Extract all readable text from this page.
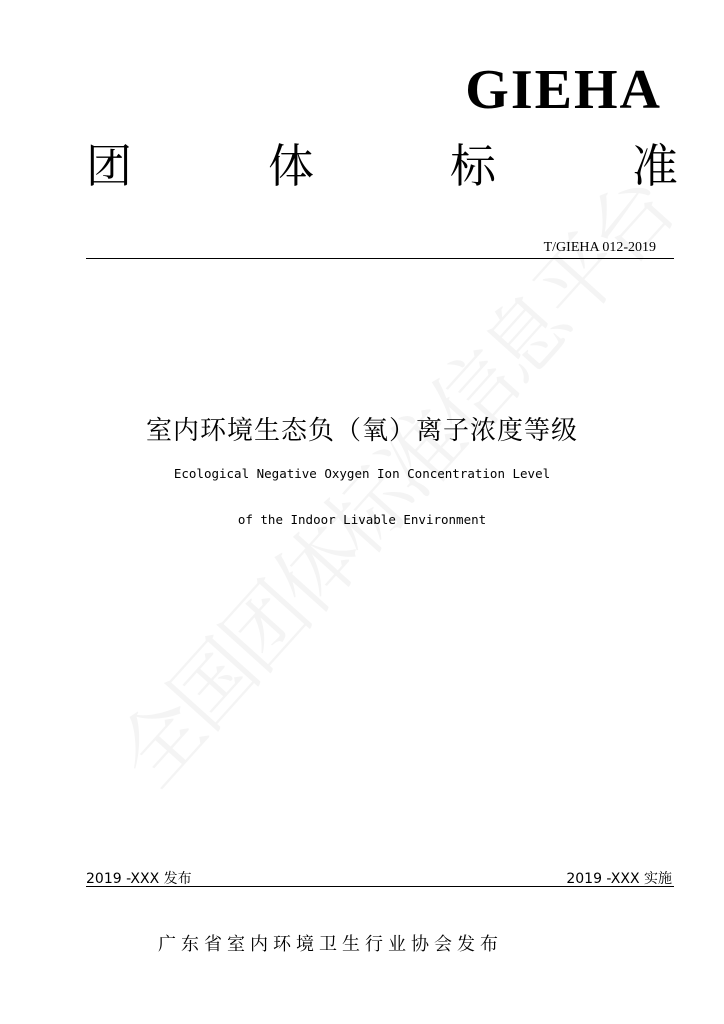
GIEHA
团	体	标	准
T/GIEHA 012-2019
室内环境生态负（氧）离子浓度等级
Ecological Negative Oxygen Ion Concentration Level
of the Indoor Livable Environment
2019 -XXX 发布	2019 -XXX 实施
广东省室内环境卫生行业协会发布
